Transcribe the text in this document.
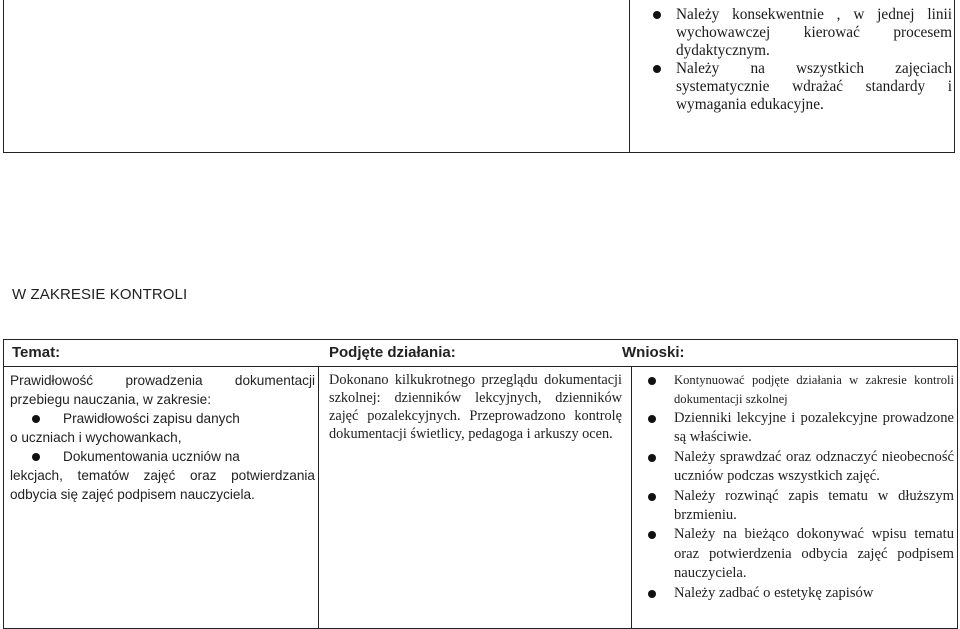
Należy konsekwentnie , w jednej linii wychowawczej kierować procesem dydaktycznym.
Należy na wszystkich zajęciach systematycznie wdrażać standardy i wymagania edukacyjne.
W ZAKRESIE KONTROLI
Temat:	Podjęte działania:	Wnioski:

Prawidłowość prowadzenia dokumentacji przebiegu nauczania, w zakresie:

Prawidłowości zapisu danych
o uczniach i wychowankach,
Dokumentowania uczniów na
lekcjach, tematów zajęć oraz potwierdzania odbycia się zajęć podpisem nauczyciela.

Dokonano kilkukrotnego przeglądu dokumentacji szkolnej: dzienników lekcyjnych, dzienników zajęć pozalekcyjnych. Przeprowadzono kontrolę dokumentacji świetlicy, pedagoga i arkuszy ocen.

Kontynuować podjęte działania w zakresie kontroli dokumentacji szkolnej
Dzienniki lekcyjne i pozalekcyjne prowadzone są właściwie.
Należy sprawdzać oraz odznaczyć nieobecność uczniów podczas wszystkich zajęć.
Należy rozwinąć zapis tematu w dłuższym brzmieniu.
Należy na bieżąco dokonywać wpisu tematu oraz potwierdzenia odbycia zajęć podpisem nauczyciela.
Należy zadbać o estetykę zapisów
